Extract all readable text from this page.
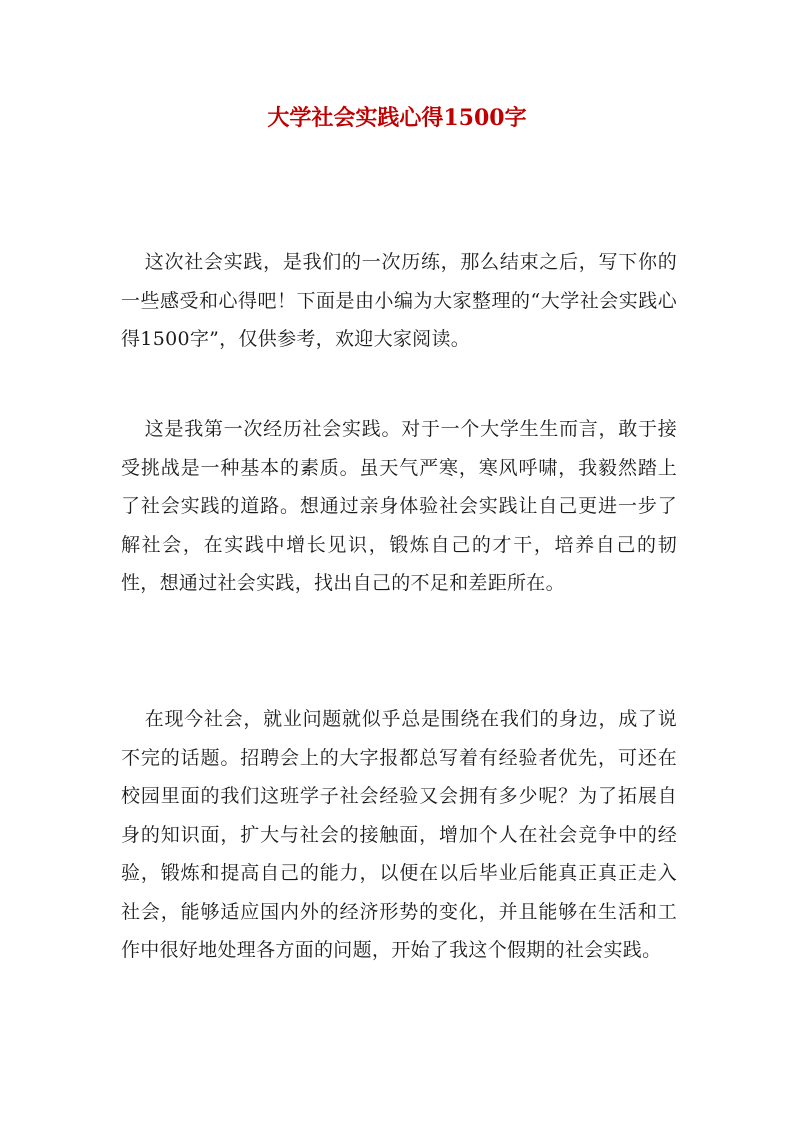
大学社会实践心得1500字

这次社会实践，是我们的一次历练，那么结束之后，写下你的一些感受和心得吧！下面是由小编为大家整理的“大学社会实践心得1500字”，仅供参考，欢迎大家阅读。

这是我第一次经历社会实践。对于一个大学生生而言，敢于接受挑战是一种基本的素质。虽天气严寒，寒风呼啸，我毅然踏上了社会实践的道路。想通过亲身体验社会实践让自己更进一步了解社会，在实践中增长见识，锻炼自己的才干，培养自己的韧性，想通过社会实践，找出自己的不足和差距所在。

在现今社会，就业问题就似乎总是围绕在我们的身边，成了说不完的话题。招聘会上的大字报都总写着有经验者优先，可还在校园里面的我们这班学子社会经验又会拥有多少呢？为了拓展自身的知识面，扩大与社会的接触面，增加个人在社会竞争中的经验，锻炼和提高自己的能力，以便在以后毕业后能真正真正走入社会，能够适应国内外的经济形势的变化，并且能够在生活和工作中很好地处理各方面的问题，开始了我这个假期的社会实践。
